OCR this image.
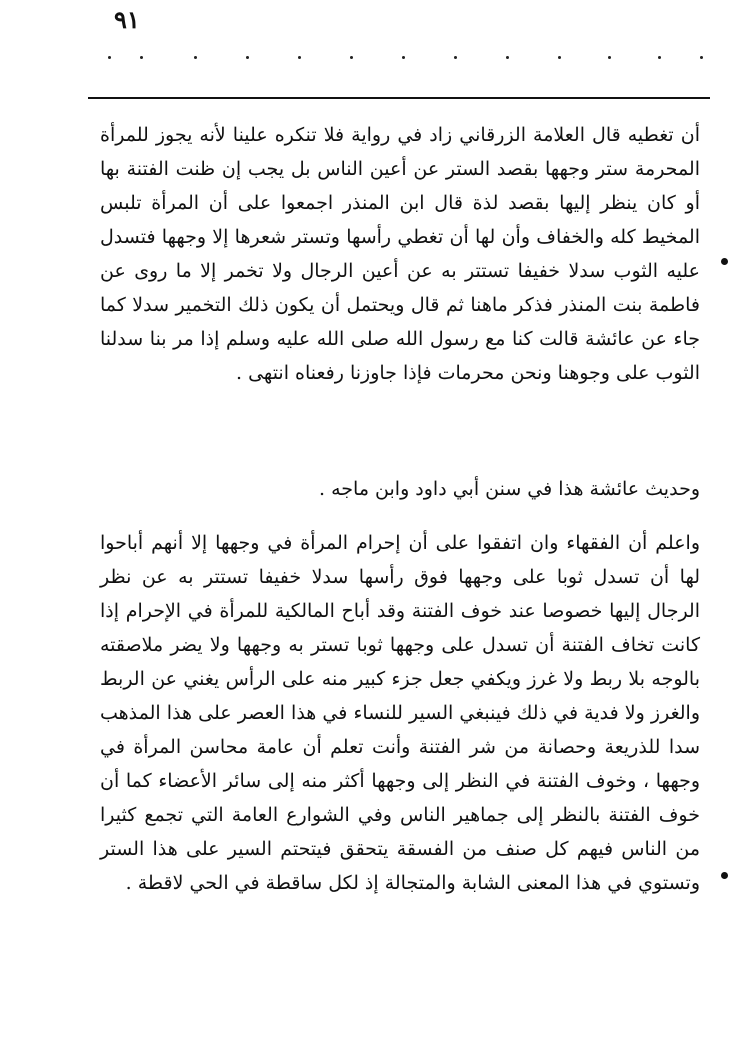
٩١

أن تغطيه قال العلامة الزرقاني زاد في رواية فلا تنكره علينا لأنه يجوز للمرأة المحرمة ستر وجهها بقصد الستر عن أعين الناس بل يجب إن ظنت الفتنة بها أو كان ينظر إليها بقصد لذة قال ابن المنذر اجمعوا على أن المرأة تلبس المخيط كله والخفاف وأن لها أن تغطي رأسها وتستر شعرها إلا وجهها فتسدل عليه الثوب سدلا خفيفا تستتر به عن أعين الرجال ولا تخمر إلا ما روى عن فاطمة بنت المنذر فذكر ماهنا ثم قال ويحتمل أن يكون ذلك التخمير سدلا كما جاء عن عائشة قالت كنا مع رسول الله صلى الله عليه وسلم إذا مر بنا سدلنا الثوب على وجوهنا ونحن محرمات فإذا جاوزنا رفعناه انتهى .

وحديث عائشة هذا في سنن أبي داود وابن ماجه .

واعلم أن الفقهاء وان اتفقوا على أن إحرام المرأة في وجهها إلا أنهم أباحوا لها أن تسدل ثوبا على وجهها فوق رأسها سدلا خفيفا تستتر به عن نظر الرجال إليها خصوصا عند خوف الفتنة وقد أباح المالكية للمرأة في الإحرام إذا كانت تخاف الفتنة أن تسدل على وجهها ثوبا تستر به وجهها ولا يضر ملاصقته بالوجه بلا ربط ولا غرز ويكفي جعل جزء كبير منه على الرأس يغني عن الربط والغرز ولا فدية في ذلك فينبغي السير للنساء في هذا العصر على هذا المذهب سدا للذريعة وحصانة من شر الفتنة وأنت تعلم أن عامة محاسن المرأة في وجهها ، وخوف الفتنة في النظر إلى وجهها أكثر منه إلى سائر الأعضاء كما أن خوف الفتنة بالنظر إلى جماهير الناس وفي الشوارع العامة التي تجمع كثيرا من الناس فيهم كل صنف من الفسقة يتحقق فيتحتم السير على هذا الستر وتستوي في هذا المعنى الشابة والمتجالة إذ لكل ساقطة في الحي لاقطة .
